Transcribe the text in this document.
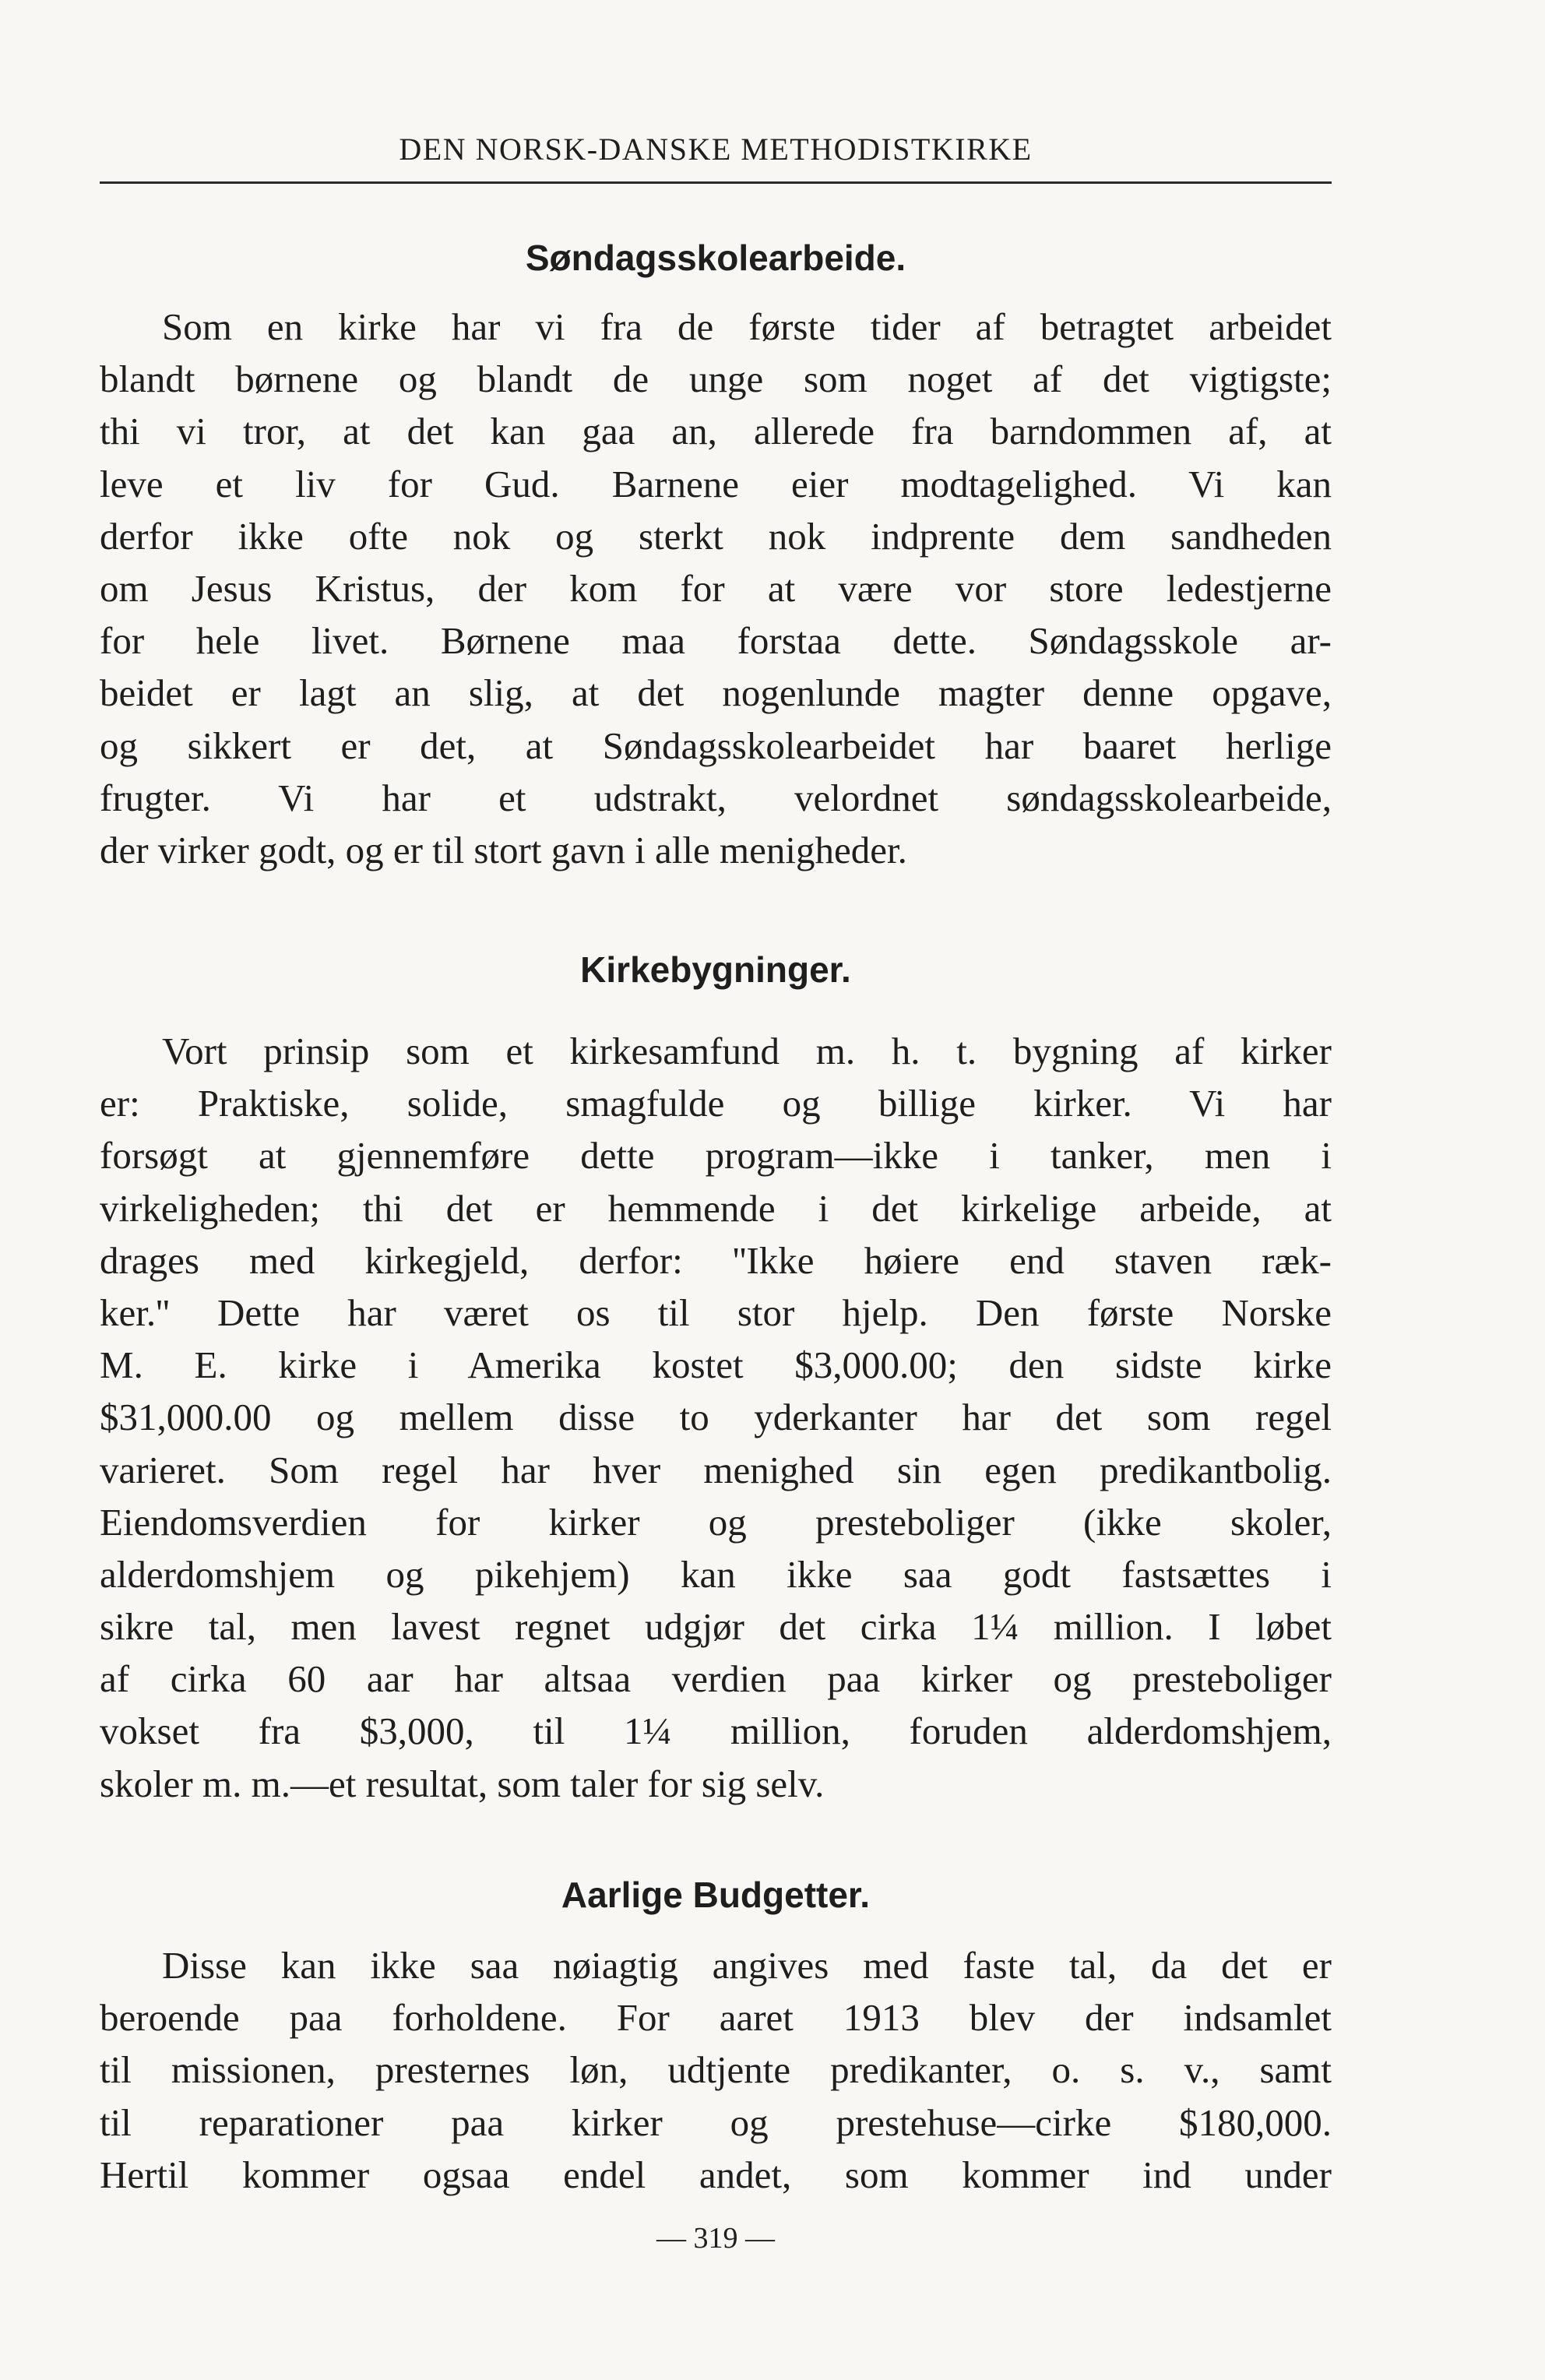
DEN NORSK-DANSKE METHODISTKIRKE
Søndagsskolearbeide.
Som en kirke har vi fra de første tider af betragtet arbeidet
blandt børnene og blandt de unge som noget af det vigtigste;
thi vi tror, at det kan gaa an, allerede fra barndommen af, at
leve et liv for Gud. Barnene eier modtagelighed. Vi kan
derfor ikke ofte nok og sterkt nok indprente dem sandheden
om Jesus Kristus, der kom for at være vor store ledestjerne
for hele livet. Børnene maa forstaa dette. Søndagsskole ar-
beidet er lagt an slig, at det nogenlunde magter denne opgave,
og sikkert er det, at Søndagsskolearbeidet har baaret herlige
frugter. Vi har et udstrakt, velordnet søndagsskolearbeide,
der virker godt, og er til stort gavn i alle menigheder.
Kirkebygninger.
Vort prinsip som et kirkesamfund m. h. t. bygning af kirker
er: Praktiske, solide, smagfulde og billige kirker. Vi har
forsøgt at gjennemføre dette program—ikke i tanker, men i
virkeligheden; thi det er hemmende i det kirkelige arbeide, at
drages med kirkegjeld, derfor: ''Ikke høiere end staven ræk-
ker.'' Dette har været os til stor hjelp. Den første Norske
M. E. kirke i Amerika kostet $3,000.00; den sidste kirke
$31,000.00 og mellem disse to yderkanter har det som regel
varieret. Som regel har hver menighed sin egen predikantbolig.
Eiendomsverdien for kirker og presteboliger (ikke skoler,
alderdomshjem og pikehjem) kan ikke saa godt fastsættes i
sikre tal, men lavest regnet udgjør det cirka 1¼ million. I løbet
af cirka 60 aar har altsaa verdien paa kirker og presteboliger
vokset fra $3,000, til 1¼ million, foruden alderdomshjem,
skoler m. m.—et resultat, som taler for sig selv.
Aarlige Budgetter.
Disse kan ikke saa nøiagtig angives med faste tal, da det er
beroende paa forholdene. For aaret 1913 blev der indsamlet
til missionen, presternes løn, udtjente predikanter, o. s. v., samt
til reparationer paa kirker og prestehuse—cirke $180,000.
Hertil kommer ogsaa endel andet, som kommer ind under
— 319 —
